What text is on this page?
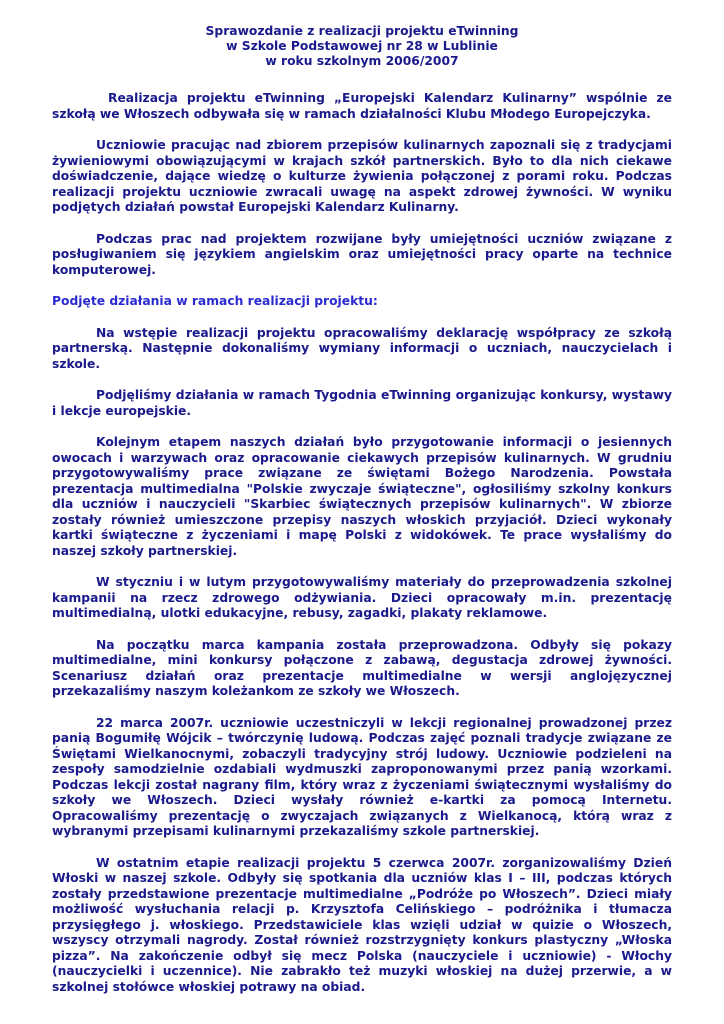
Sprawozdanie z realizacji projektu eTwinning
w Szkole Podstawowej nr 28 w Lublinie
w roku szkolnym 2006/2007

Realizacja projektu eTwinning „Europejski Kalendarz Kulinarny” wspólnie ze szkołą we Włoszech odbywała się w ramach działalności Klubu Młodego Europejczyka.

Uczniowie pracując nad zbiorem przepisów kulinarnych zapoznali się z tradycjami żywieniowymi obowiązującymi w krajach szkół partnerskich. Było to dla nich ciekawe doświadczenie, dające wiedzę o kulturze żywienia połączonej z porami roku. Podczas realizacji projektu uczniowie zwracali uwagę na aspekt zdrowej żywności. W wyniku podjętych działań powstał Europejski Kalendarz Kulinarny.

Podczas prac nad projektem rozwijane były umiejętności uczniów związane z posługiwaniem się językiem angielskim oraz umiejętności pracy oparte na technice komputerowej.

Podjęte działania w ramach realizacji projektu:

Na wstępie realizacji projektu opracowaliśmy deklarację współpracy ze szkołą partnerską. Następnie dokonaliśmy wymiany informacji o uczniach, nauczycielach i szkole.

Podjęliśmy działania w ramach Tygodnia eTwinning organizując konkursy, wystawy i lekcje europejskie.

Kolejnym etapem naszych działań było przygotowanie informacji o jesiennych owocach i warzywach oraz opracowanie ciekawych przepisów kulinarnych. W grudniu przygotowywaliśmy prace związane ze świętami Bożego Narodzenia. Powstała prezentacja multimedialna "Polskie zwyczaje świąteczne", ogłosiliśmy szkolny konkurs dla uczniów i nauczycieli "Skarbiec świątecznych przepisów kulinarnych". W zbiorze zostały również umieszczone przepisy naszych włoskich przyjaciół. Dzieci wykonały kartki świąteczne z życzeniami i mapę Polski z widokówek. Te prace wysłaliśmy do naszej szkoły partnerskiej.

W styczniu i w lutym przygotowywaliśmy materiały do przeprowadzenia szkolnej kampanii na rzecz zdrowego odżywiania. Dzieci opracowały m.in. prezentację multimedialną, ulotki edukacyjne, rebusy, zagadki, plakaty reklamowe.

Na początku marca kampania została przeprowadzona. Odbyły się pokazy multimedialne, mini konkursy połączone z zabawą, degustacja zdrowej żywności. Scenariusz działań oraz prezentacje multimedialne w wersji anglojęzycznej przekazaliśmy naszym koleżankom ze szkoły we Włoszech.

22 marca 2007r. uczniowie uczestniczyli w lekcji regionalnej prowadzonej przez panią Bogumiłę Wójcik – twórczynię ludową. Podczas zajęć poznali tradycje związane ze Świętami Wielkanocnymi, zobaczyli tradycyjny strój ludowy. Uczniowie podzieleni na zespoły samodzielnie ozdabiali wydmuszki zaproponowanymi przez panią wzorkami. Podczas lekcji został nagrany film, który wraz z życzeniami świątecznymi wysłaliśmy do szkoły we Włoszech. Dzieci wysłały również e-kartki za pomocą Internetu. Opracowaliśmy prezentację o zwyczajach związanych z Wielkanocą, którą wraz z wybranymi przepisami kulinarnymi przekazaliśmy szkole partnerskiej.

W ostatnim etapie realizacji projektu 5 czerwca 2007r. zorganizowaliśmy Dzień Włoski w naszej szkole. Odbyły się spotkania dla uczniów klas I – III, podczas których zostały przedstawione prezentacje multimedialne „Podróże po Włoszech”. Dzieci miały możliwość wysłuchania relacji p. Krzysztofa Celińskiego – podróżnika i tłumacza przysięgłego j. włoskiego. Przedstawiciele klas wzięli udział w quizie o Włoszech, wszyscy otrzymali nagrody. Został również rozstrzygnięty konkurs plastyczny „Włoska pizza”. Na zakończenie odbył się mecz Polska (nauczyciele i uczniowie) - Włochy (nauczycielki i uczennice). Nie zabrakło też muzyki włoskiej na dużej przerwie, a w szkolnej stołówce włoskiej potrawy na obiad.
